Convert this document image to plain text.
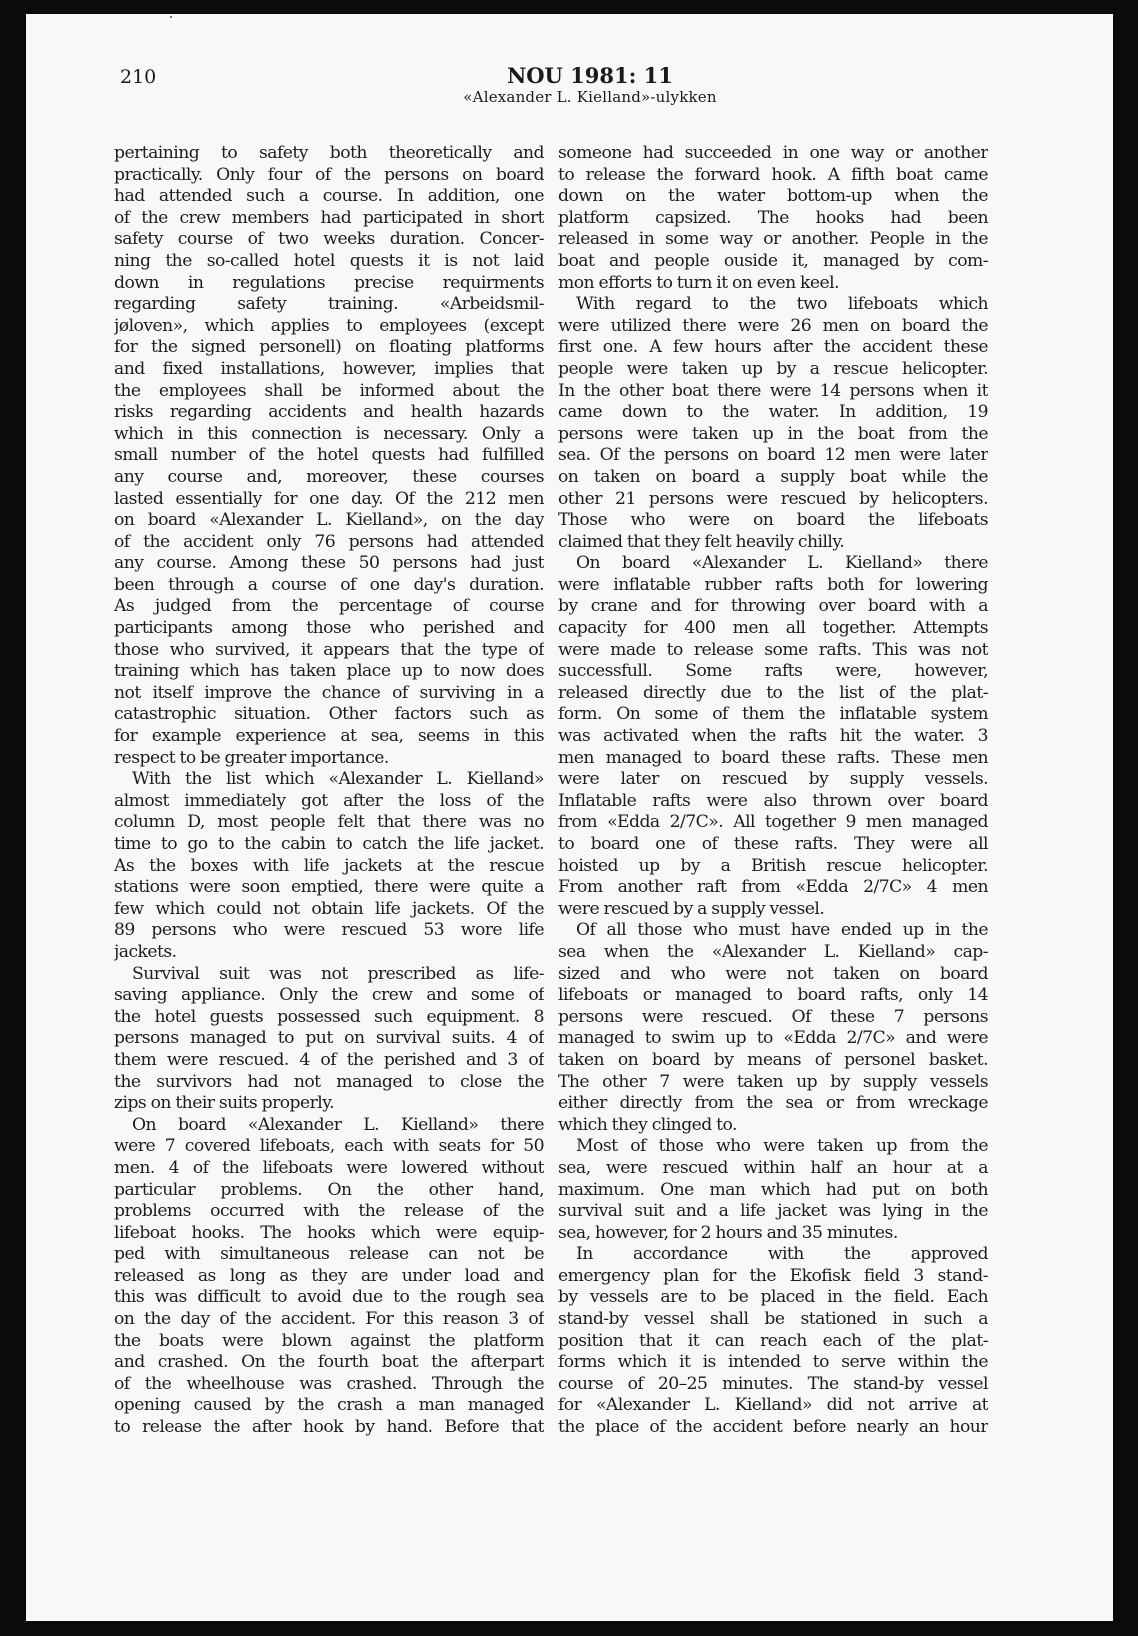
210	NOU 1981: 11
«Alexander L. Kielland»-ulykken
pertaining to safety both theoretically and
practically. Only four of the persons on board
had attended such a course. In addition, one
of the crew members had participated in short
safety course of two weeks duration. Concer-
ning the so-called hotel quests it is not laid
down in regulations precise requirments
regarding safety training. «Arbeidsmil-
jøloven», which applies to employees (except
for the signed personell) on floating platforms
and fixed installations, however, implies that
the employees shall be informed about the
risks regarding accidents and health hazards
which in this connection is necessary. Only a
small number of the hotel quests had fulfilled
any course and, moreover, these courses
lasted essentially for one day. Of the 212 men
on board «Alexander L. Kielland», on the day
of the accident only 76 persons had attended
any course. Among these 50 persons had just
been through a course of one day's duration.
As judged from the percentage of course
participants among those who perished and
those who survived, it appears that the type of
training which has taken place up to now does
not itself improve the chance of surviving in a
catastrophic situation. Other factors such as
for example experience at sea, seems in this
respect to be greater importance.
With the list which «Alexander L. Kielland»
almost immediately got after the loss of the
column D, most people felt that there was no
time to go to the cabin to catch the life jacket.
As the boxes with life jackets at the rescue
stations were soon emptied, there were quite a
few which could not obtain life jackets. Of the
89 persons who were rescued 53 wore life
jackets.
Survival suit was not prescribed as life-
saving appliance. Only the crew and some of
the hotel guests possessed such equipment. 8
persons managed to put on survival suits. 4 of
them were rescued. 4 of the perished and 3 of
the survivors had not managed to close the
zips on their suits properly.
On board «Alexander L. Kielland» there
were 7 covered lifeboats, each with seats for 50
men. 4 of the lifeboats were lowered without
particular problems. On the other hand,
problems occurred with the release of the
lifeboat hooks. The hooks which were equip-
ped with simultaneous release can not be
released as long as they are under load and
this was difficult to avoid due to the rough sea
on the day of the accident. For this reason 3 of
the boats were blown against the platform
and crashed. On the fourth boat the afterpart
of the wheelhouse was crashed. Through the
opening caused by the crash a man managed
to release the after hook by hand. Before that
someone had succeeded in one way or another
to release the forward hook. A fifth boat came
down on the water bottom-up when the
platform capsized. The hooks had been
released in some way or another. People in the
boat and people ouside it, managed by com-
mon efforts to turn it on even keel.
With regard to the two lifeboats which
were utilized there were 26 men on board the
first one. A few hours after the accident these
people were taken up by a rescue helicopter.
In the other boat there were 14 persons when it
came down to the water. In addition, 19
persons were taken up in the boat from the
sea. Of the persons on board 12 men were later
on taken on board a supply boat while the
other 21 persons were rescued by helicopters.
Those who were on board the lifeboats
claimed that they felt heavily chilly.
On board «Alexander L. Kielland» there
were inflatable rubber rafts both for lowering
by crane and for throwing over board with a
capacity for 400 men all together. Attempts
were made to release some rafts. This was not
successfull. Some rafts were, however,
released directly due to the list of the plat-
form. On some of them the inflatable system
was activated when the rafts hit the water. 3
men managed to board these rafts. These men
were later on rescued by supply vessels.
Inflatable rafts were also thrown over board
from «Edda 2/7C». All together 9 men managed
to board one of these rafts. They were all
hoisted up by a British rescue helicopter.
From another raft from «Edda 2/7C» 4 men
were rescued by a supply vessel.
Of all those who must have ended up in the
sea when the «Alexander L. Kielland» cap-
sized and who were not taken on board
lifeboats or managed to board rafts, only 14
persons were rescued. Of these 7 persons
managed to swim up to «Edda 2/7C» and were
taken on board by means of personel basket.
The other 7 were taken up by supply vessels
either directly from the sea or from wreckage
which they clinged to.
Most of those who were taken up from the
sea, were rescued within half an hour at a
maximum. One man which had put on both
survival suit and a life jacket was lying in the
sea, however, for 2 hours and 35 minutes.
In accordance with the approved
emergency plan for the Ekofisk field 3 stand-
by vessels are to be placed in the field. Each
stand-by vessel shall be stationed in such a
position that it can reach each of the plat-
forms which it is intended to serve within the
course of 20–25 minutes. The stand-by vessel
for «Alexander L. Kielland» did not arrive at
the place of the accident before nearly an hour
